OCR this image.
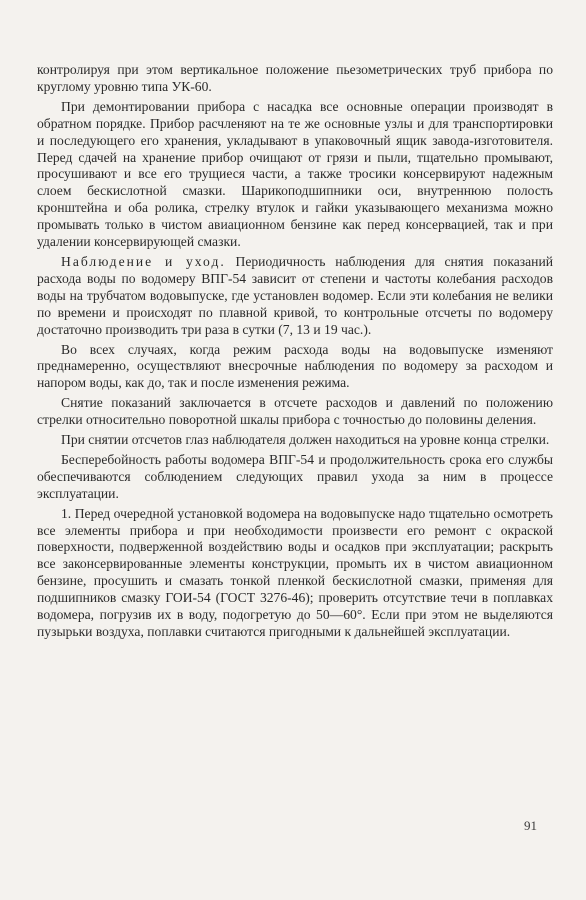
контролируя при этом вертикальное положение пьезометрических труб прибора по круглому уровню типа УК-60.

При демонтировании прибора с насадка все основные операции производят в обратном порядке. Прибор расчленяют на те же основные узлы и для транспортировки и последующего его хранения, укладывают в упаковочный ящик завода-изготовителя. Перед сдачей на хранение прибор очищают от грязи и пыли, тщательно промывают, просушивают и все его трущиеся части, а также тросики консервируют надежным слоем бескислотной смазки. Шарикоподшипники оси, внутреннюю полость кронштейна и оба ролика, стрелку втулок и гайки указывающего механизма можно промывать только в чистом авиационном бензине как перед консервацией, так и при удалении консервирующей смазки.

Наблюдение и уход. Периодичность наблюдения для снятия показаний расхода воды по водомеру ВПГ-54 зависит от степени и частоты колебания расходов воды на трубчатом водовыпуске, где установлен водомер. Если эти колебания не велики по времени и происходят по плавной кривой, то контрольные отсчеты по водомеру достаточно производить три раза в сутки (7, 13 и 19 час.).

Во всех случаях, когда режим расхода воды на водовыпуске изменяют преднамеренно, осуществляют внесрочные наблюдения по водомеру за расходом и напором воды, как до, так и после изменения режима.

Снятие показаний заключается в отсчете расходов и давлений по положению стрелки относительно поворотной шкалы прибора с точностью до половины деления.

При снятии отсчетов глаз наблюдателя должен находиться на уровне конца стрелки.

Бесперебойность работы водомера ВПГ-54 и продолжительность срока его службы обеспечиваются соблюдением следующих правил ухода за ним в процессе эксплуатации.

1. Перед очередной установкой водомера на водовыпуске надо тщательно осмотреть все элементы прибора и при необходимости произвести его ремонт с окраской поверхности, подверженной воздействию воды и осадков при эксплуатации; раскрыть все законсервированные элементы конструкции, промыть их в чистом авиационном бензине, просушить и смазать тонкой пленкой бескислотной смазки, применяя для подшипников смазку ГОИ-54 (ГОСТ 3276-46); проверить отсутствие течи в поплавках водомера, погрузив их в воду, подогретую до 50—60°. Если при этом не выделяются пузырьки воздуха, поплавки считаются пригодными к дальнейшей эксплуатации.

91
